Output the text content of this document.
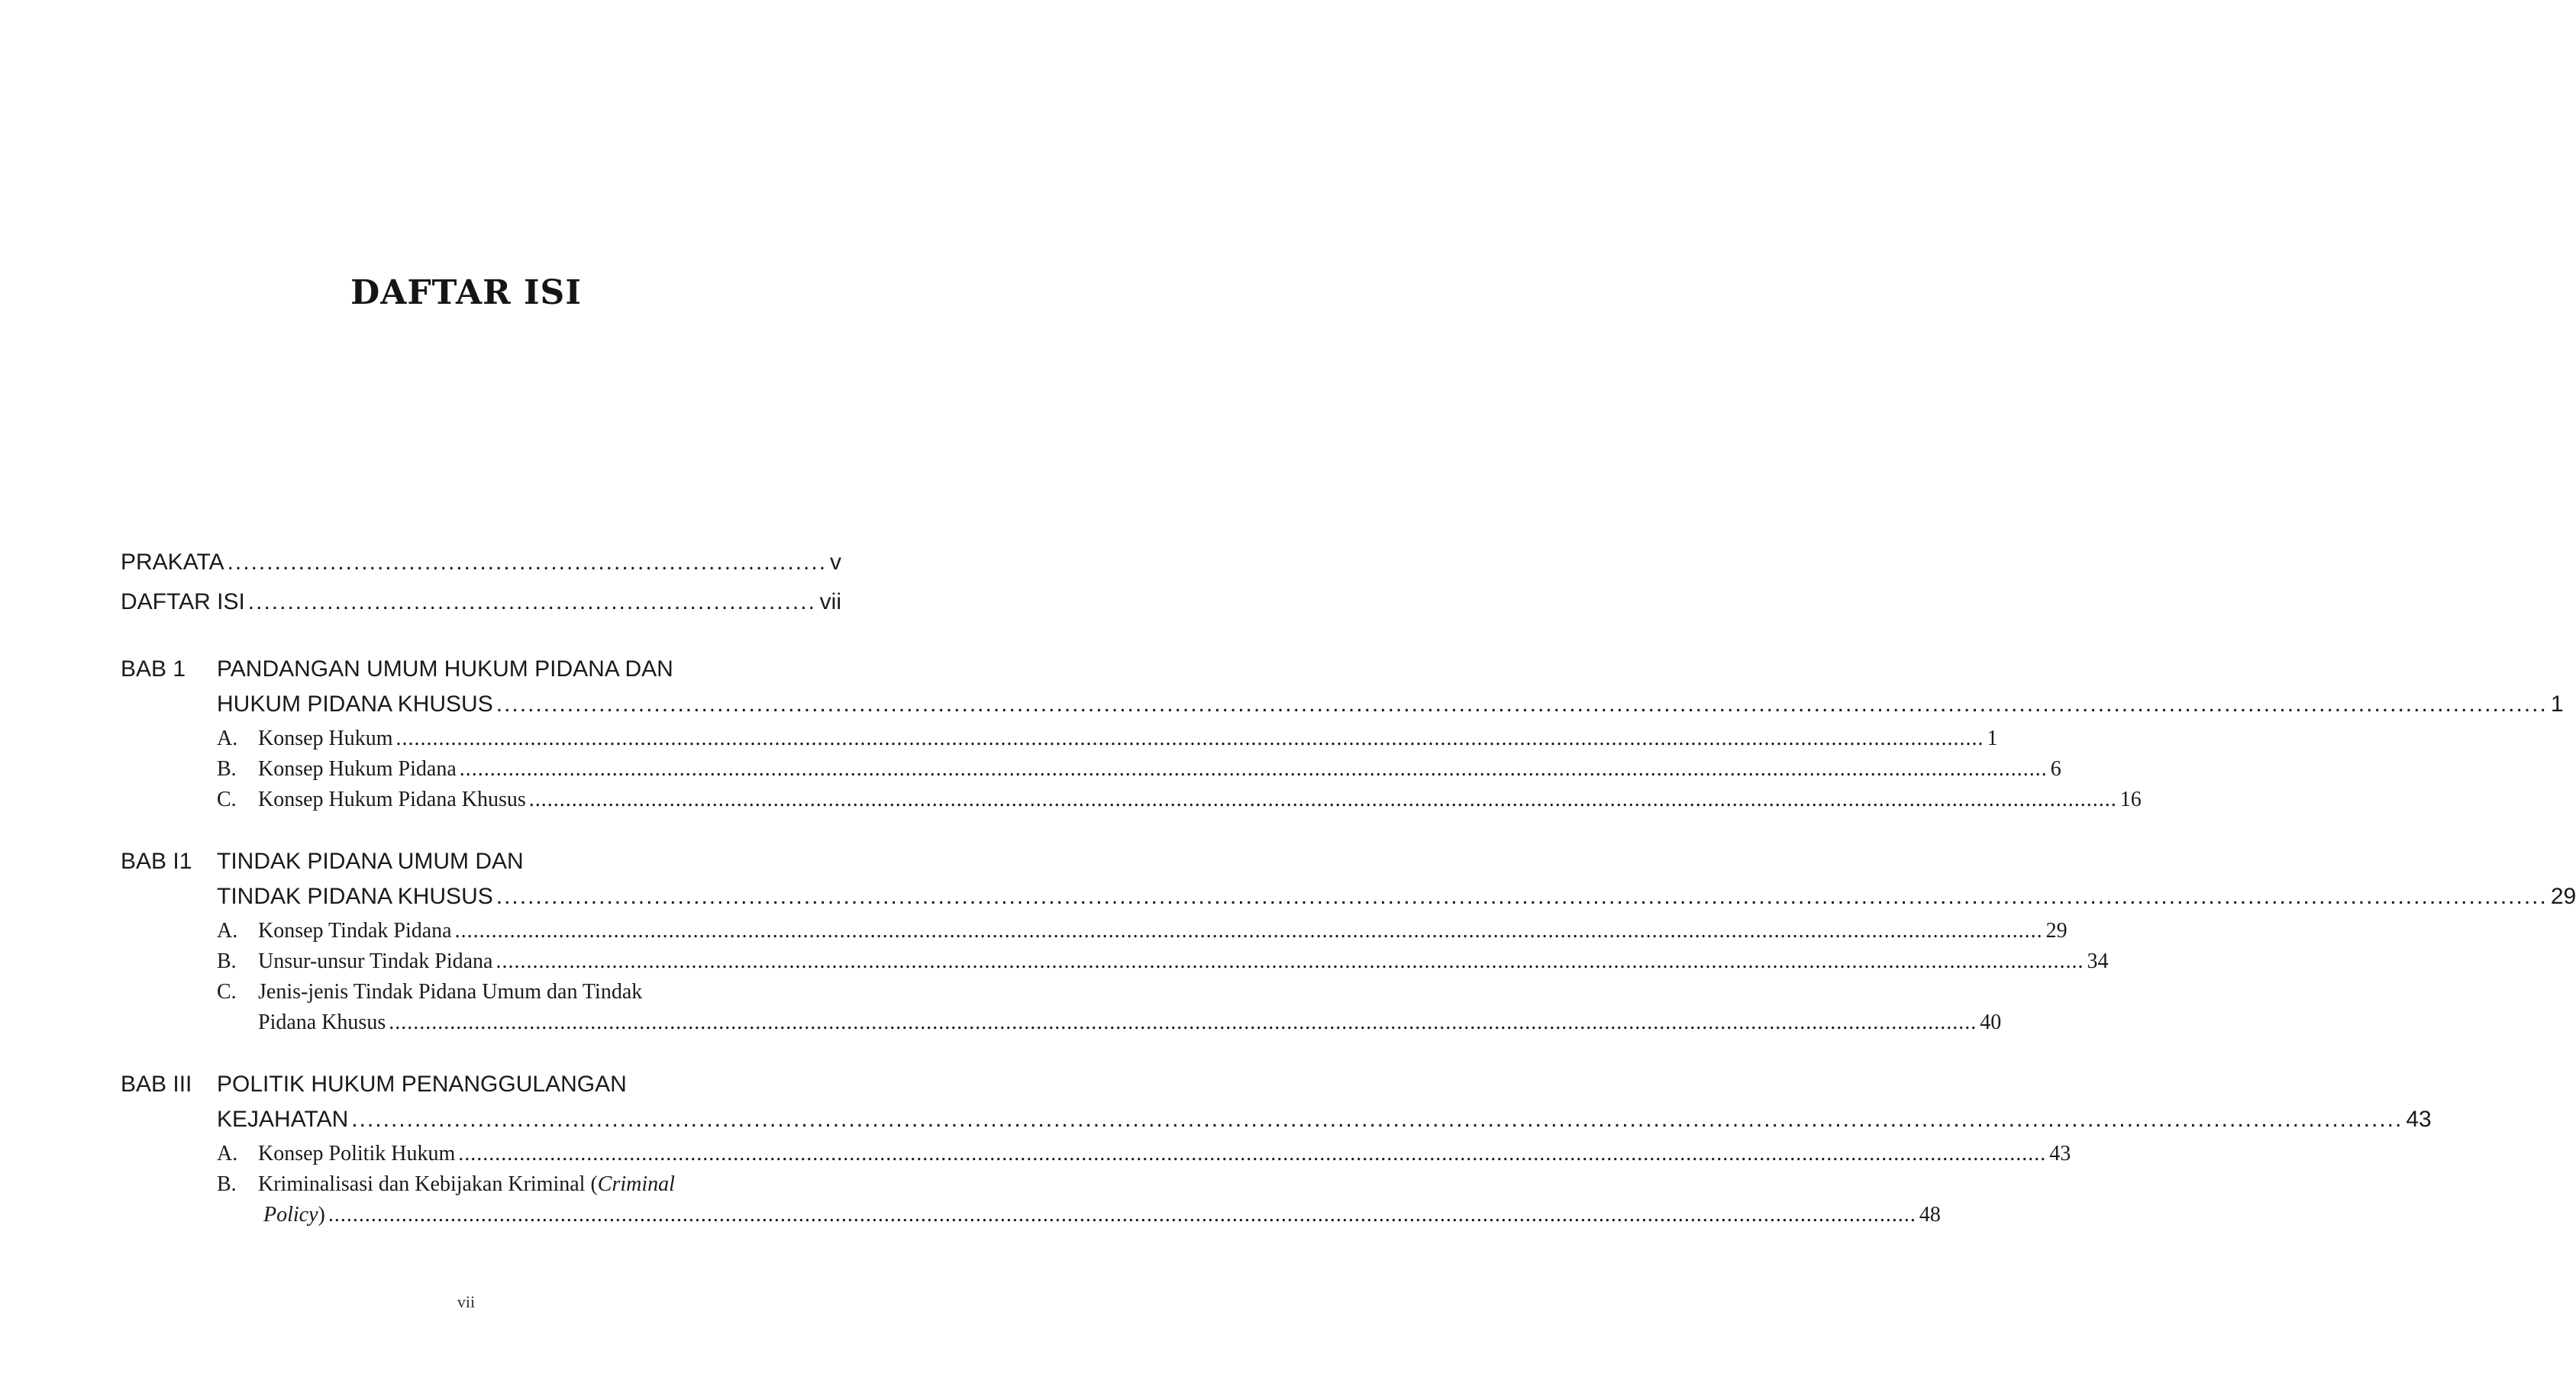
DAFTAR ISI
PRAKATA .....	v
DAFTAR ISI .....	vii
BAB 1	PANDANGAN UMUM HUKUM PIDANA DAN
HUKUM PIDANA KHUSUS .....	1
A. Konsep Hukum .....	1
B.	Konsep Hukum Pidana .....	6
C.	Konsep Hukum Pidana Khusus .....	16
BAB I1	TINDAK PIDANA UMUM DAN
TINDAK PIDANA KHUSUS .....	29
A. Konsep Tindak Pidana .....	29
B.	Unsur-unsur Tindak Pidana .....	34
C.	Jenis-jenis Tindak Pidana Umum dan Tindak
Pidana Khusus .....	40
BAB III	POLITIK HUKUM PENANGGULANGAN
KEJAHATAN .....	43
A. Konsep Politik Hukum .....	43
B.	Kriminalisasi dan Kebijakan Kriminal (Criminal
Policy) .....	48
vii
